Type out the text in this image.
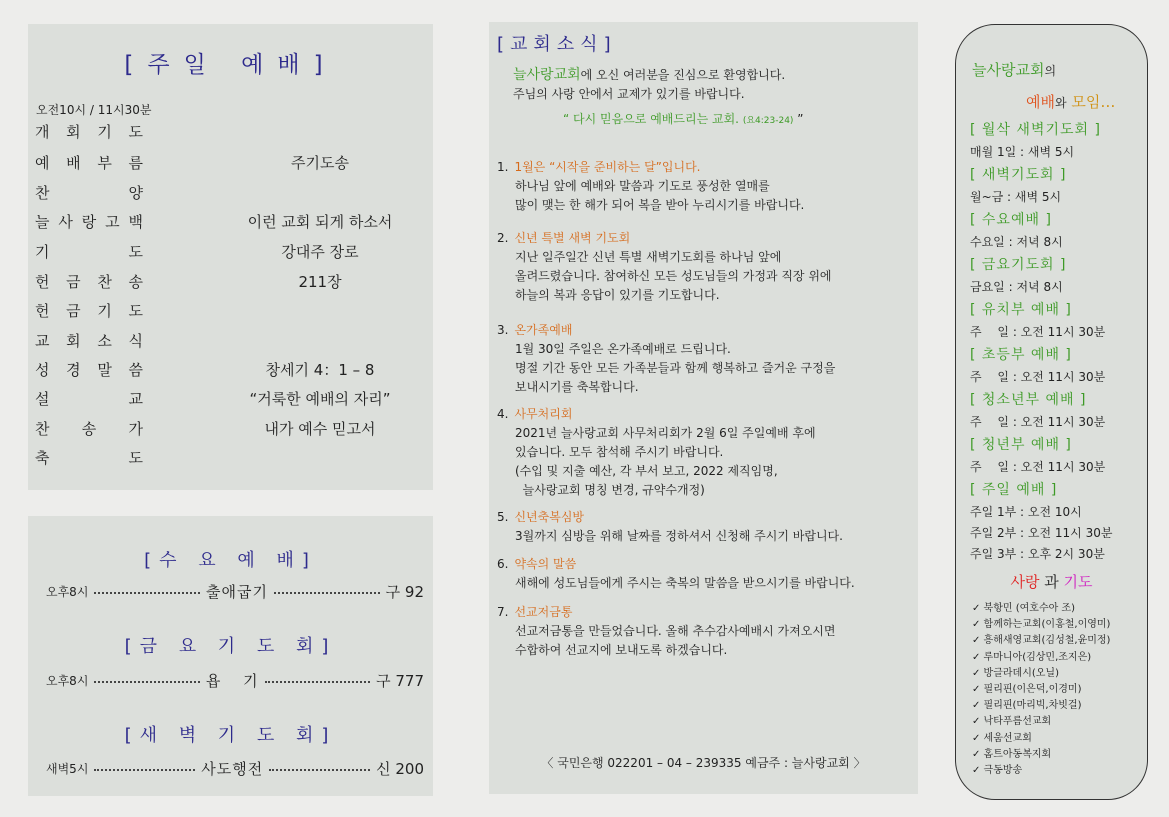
[주일 예배]
오전10시 / 11시30분
개 회 기 도
예 배 부 름	주기도송
찬	양
늘 사 랑 고 백	이런 교회 되게 하소서
기	도	강대주 장로
헌 금 찬 송	211장
헌 금 기 도
교 회 소 식
성 경 말 씀	창세기 4：1 – 8
설	교	“거룩한 예배의 자리”
찬 송 가	내가 예수 믿고서
축	도
[수 요 예 배]
오후8시	출애굽기	구 92
[금 요 기 도 회]
오후8시	욥　 기	구 777
[새 벽 기 도 회]
새벽5시	사도행전	신 200
[교회소식]
늘사랑교회에 오신 여러분을 진심으로 환영합니다.
주님의 사랑 안에서 교제가 있기를 바랍니다.
“ 다시 믿음으로 예배드리는 교회. (요4:23-24) ”
1. 1월은 “시작을 준비하는 달”입니다.
하나님 앞에 예배와 말씀과 기도로 풍성한 열매를
많이 맺는 한 해가 되어 복을 받아 누리시기를 바랍니다.
2. 신년 특별 새벽 기도회
지난 일주일간 신년 특별 새벽기도회를 하나님 앞에
올려드렸습니다. 참여하신 모든 성도님들의 가정과 직장 위에
하늘의 복과 응답이 있기를 기도합니다.
3. 온가족예배
1월 30일 주일은 온가족예배로 드립니다.
명절 기간 동안 모든 가족분들과 함께 행복하고 즐거운 구정을
보내시기를 축복합니다.
4. 사무처리회
2021년 늘사랑교회 사무처리회가 2월 6일 주일예배 후에
있습니다. 모두 참석해 주시기 바랍니다.
(수입 및 지출 예산, 각 부서 보고, 2022 제직임명,
늘사랑교회 명칭 변경, 규약수개정)
5. 신년축복심방
3월까지 심방을 위해 날짜를 정하셔서 신청해 주시기 바랍니다.
6. 약속의 말씀
새해에 성도님들에게 주시는 축복의 말씀을 받으시기를 바랍니다.
7. 선교저금통
선교저금통을 만들었습니다. 올해 추수감사예배시 가져오시면
수합하여 선교지에 보내도록 하겠습니다.
〈 국민은행 022201 – 04 – 239335 예금주 : 늘사랑교회 〉
늘사랑교회의
예배와 모임…
[ 월삭 새벽기도회 ]
매월 1일 : 새벽 5시
[ 새벽기도회 ]
월~금 : 새벽 5시
[ 수요예배 ]
수요일 : 저녁 8시
[ 금요기도회 ]
금요일 : 저녁 8시
[ 유치부 예배 ]
주　 일 : 오전 11시 30분
[ 초등부 예배 ]
주　 일 : 오전 11시 30분
[ 청소년부 예배 ]
주　 일 : 오전 11시 30분
[ 청년부 예배 ]
주　 일 : 오전 11시 30분
[ 주일 예배 ]
주일 1부 : 오전 10시
주일 2부 : 오전 11시 30분
주일 3부 : 오후 2시 30분
사랑 과 기도
✓ 북항민 (여호수아 조)
✓ 함께하는교회(이홍철,이영미)
✓ 흥해새영교회(김성철,윤미정)
✓ 루마니아(김상민,조지은)
✓ 방글라데시(오닐)
✓ 필리핀(이은덕,이경미)
✓ 필리핀(마리빅,차빗걸)
✓ 낙타푸름선교회
✓ 세움선교회
✓ 홈트아동복지회
✓ 극동방송
